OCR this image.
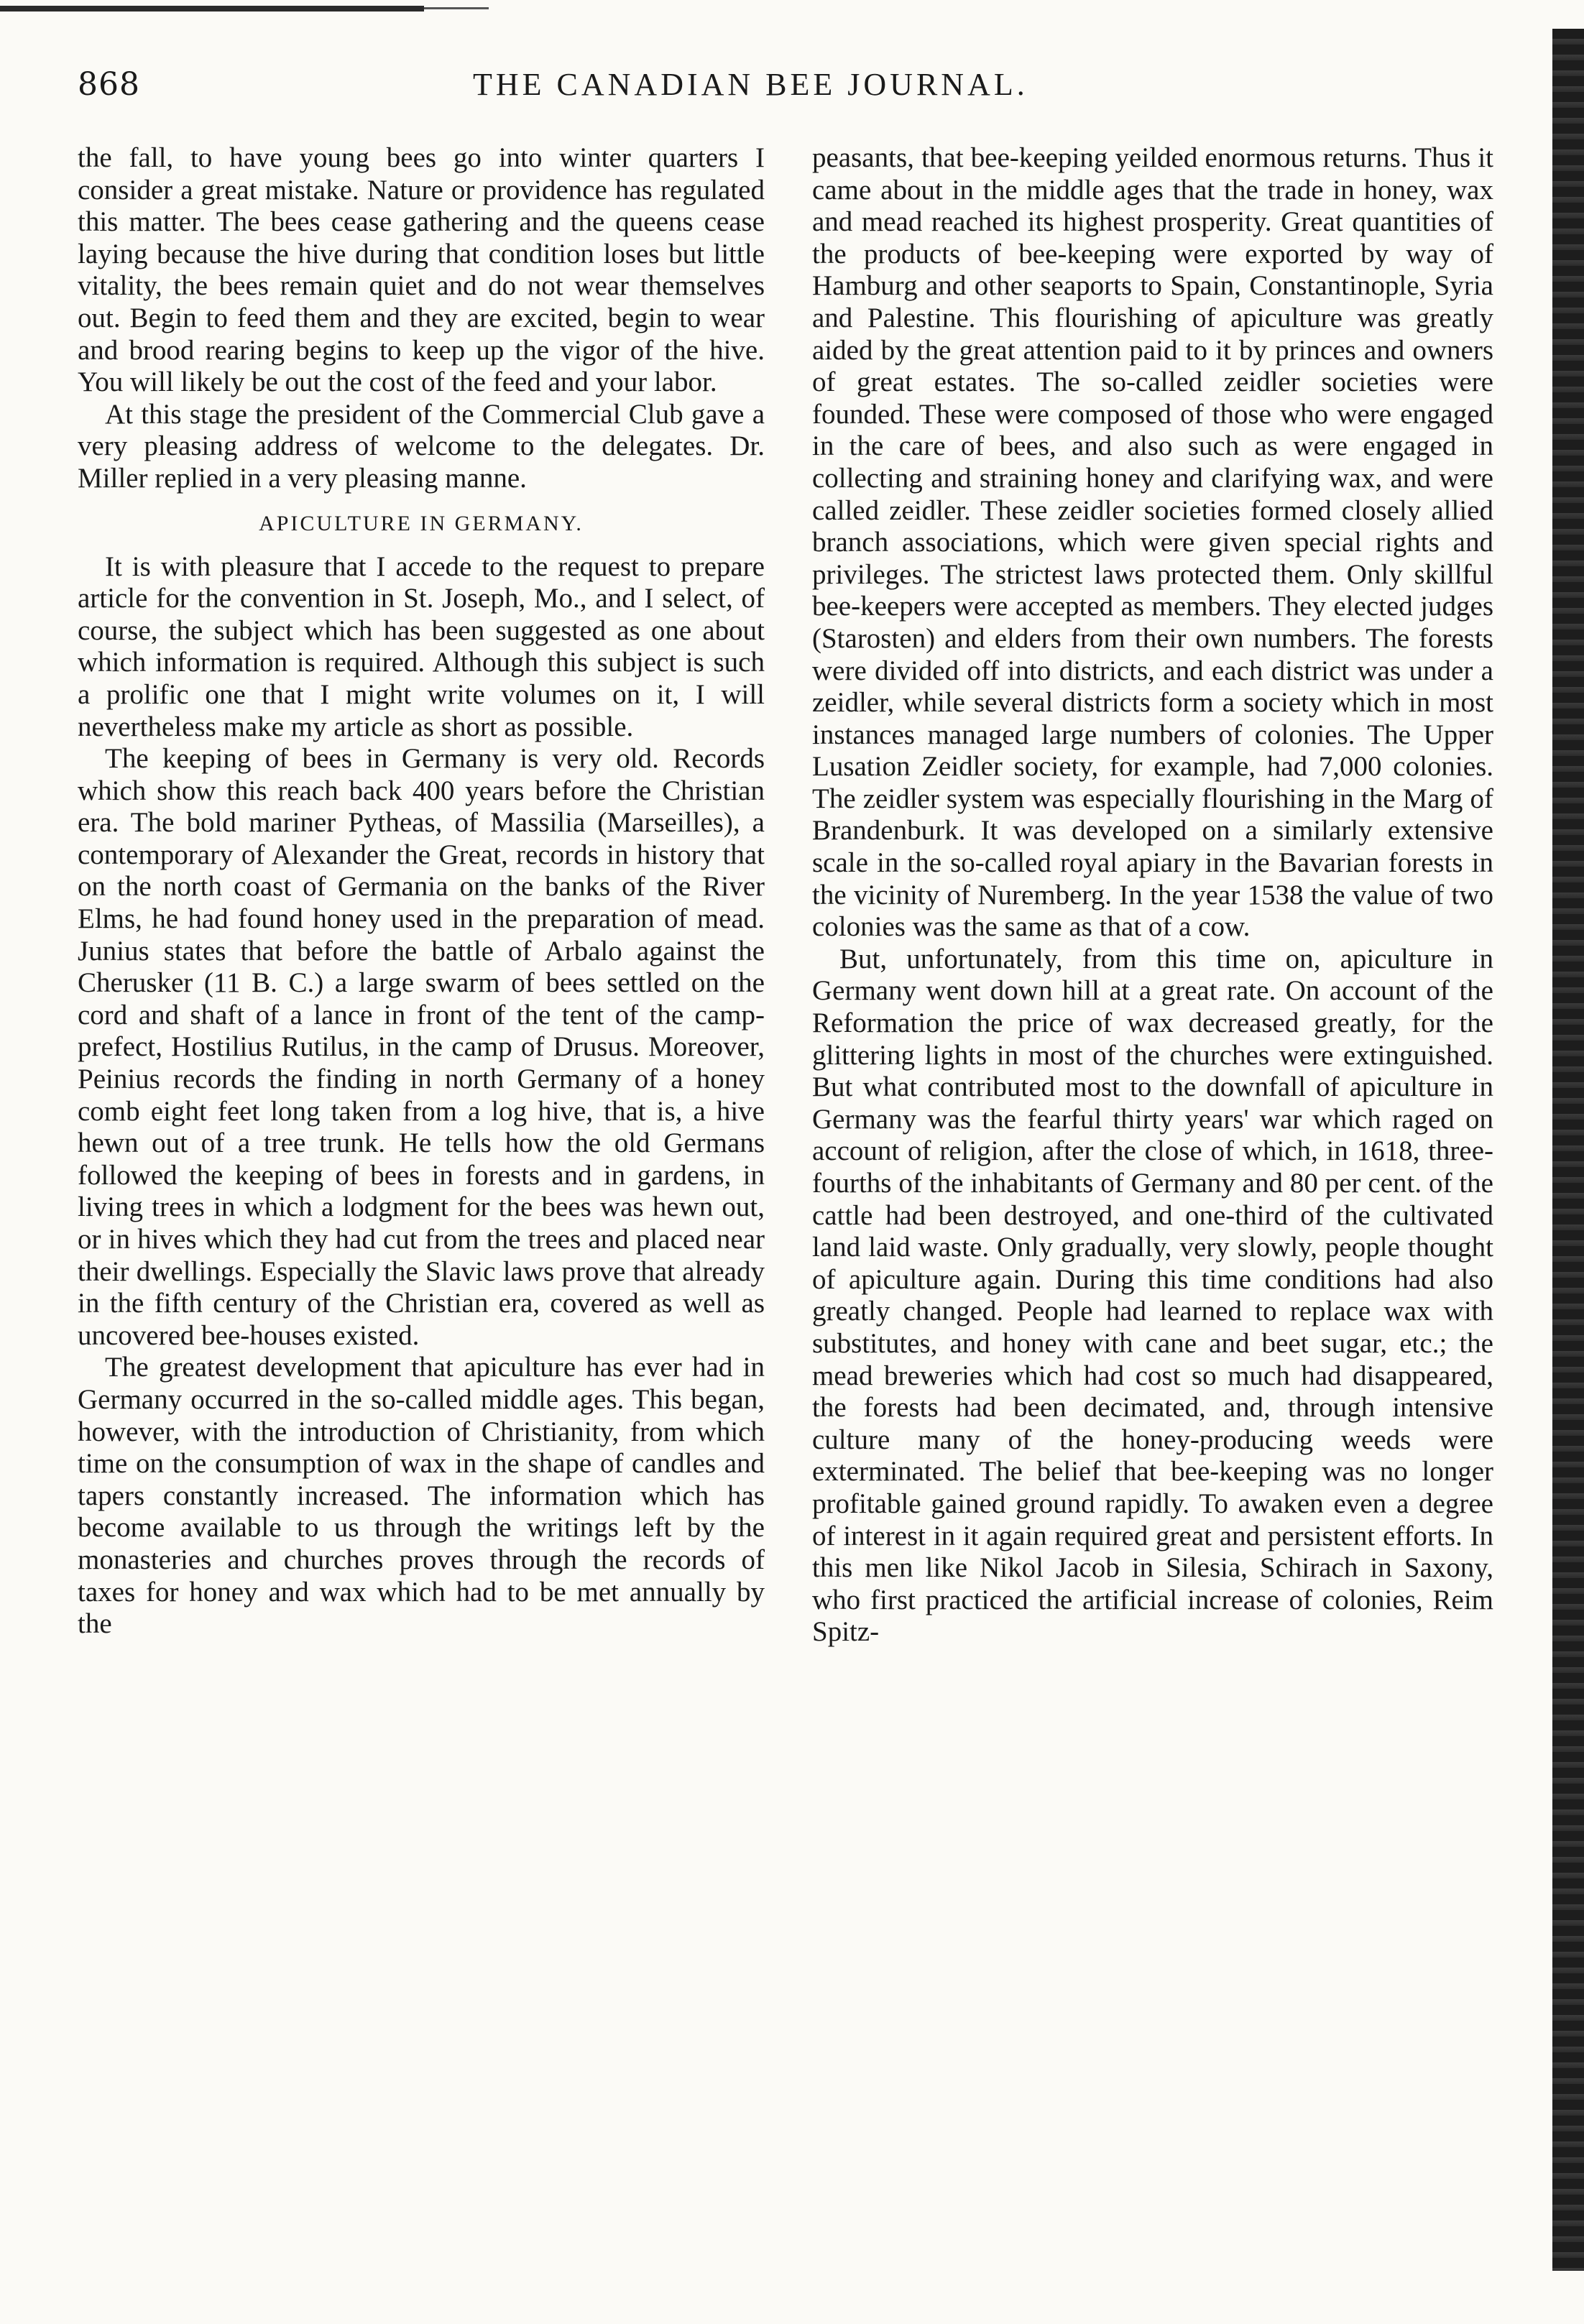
868	THE CANADIAN BEE JOURNAL.

the fall, to have young bees go into winter quarters I consider a great mistake. Nature or providence has regulated this matter. The bees cease gathering and the queens cease laying because the hive during that condition loses but little vitality, the bees remain quiet and do not wear themselves out. Begin to feed them and they are excited, begin to wear and brood rearing begins to keep up the vigor of the hive. You will likely be out the cost of the feed and your labor.

At this stage the president of the Commercial Club gave a very pleasing address of welcome to the delegates. Dr. Miller replied in a very pleasing manne.

APICULTURE IN GERMANY.

It is with pleasure that I accede to the request to prepare article for the convention in St. Joseph, Mo., and I select, of course, the subject which has been suggested as one about which information is required. Although this subject is such a prolific one that I might write volumes on it, I will nevertheless make my article as short as possible.

The keeping of bees in Germany is very old. Records which show this reach back 400 years before the Christian era. The bold mariner Pytheas, of Massilia (Marseilles), a contemporary of Alexander the Great, records in history that on the north coast of Germania on the banks of the River Elms, he had found honey used in the preparation of mead. Junius states that before the battle of Arbalo against the Cherusker (11 B. C.) a large swarm of bees settled on the cord and shaft of a lance in front of the tent of the camp-prefect, Hostilius Rutilus, in the camp of Drusus. Moreover, Peinius records the finding in north Germany of a honey comb eight feet long taken from a log hive, that is, a hive hewn out of a tree trunk. He tells how the old Germans followed the keeping of bees in forests and in gardens, in living trees in which a lodgment for the bees was hewn out, or in hives which they had cut from the trees and placed near their dwellings. Especially the Slavic laws prove that already in the fifth century of the Christian era, covered as well as uncovered bee-houses existed.

The greatest development that apiculture has ever had in Germany occurred in the so-called middle ages. This began, however, with the introduction of Christianity, from which time on the consumption of wax in the shape of candles and tapers constantly increased. The information which has become available to us through the writings left by the monasteries and churches proves through the records of taxes for honey and wax which had to be met annually by the

peasants, that bee-keeping yeilded enormous returns. Thus it came about in the middle ages that the trade in honey, wax and mead reached its highest prosperity. Great quantities of the products of bee-keeping were exported by way of Hamburg and other seaports to Spain, Constantinople, Syria and Palestine. This flourishing of apiculture was greatly aided by the great attention paid to it by princes and owners of great estates. The so-called zeidler societies were founded. These were composed of those who were engaged in the care of bees, and also such as were engaged in collecting and straining honey and clarifying wax, and were called zeidler. These zeidler societies formed closely allied branch associations, which were given special rights and privileges. The strictest laws protected them. Only skillful bee-keepers were accepted as members. They elected judges (Starosten) and elders from their own numbers. The forests were divided off into districts, and each district was under a zeidler, while several districts form a society which in most instances managed large numbers of colonies. The Upper Lusation Zeidler society, for example, had 7,000 colonies. The zeidler system was especially flourishing in the Marg of Brandenburk. It was developed on a similarly extensive scale in the so-called royal apiary in the Bavarian forests in the vicinity of Nuremberg. In the year 1538 the value of two colonies was the same as that of a cow.

But, unfortunately, from this time on, apiculture in Germany went down hill at a great rate. On account of the Reformation the price of wax decreased greatly, for the glittering lights in most of the churches were extinguished. But what contributed most to the downfall of apiculture in Germany was the fearful thirty years' war which raged on account of religion, after the close of which, in 1618, three-fourths of the inhabitants of Germany and 80 per cent. of the cattle had been destroyed, and one-third of the cultivated land laid waste. Only gradually, very slowly, people thought of apiculture again. During this time conditions had also greatly changed. People had learned to replace wax with substitutes, and honey with cane and beet sugar, etc.; the mead breweries which had cost so much had disappeared, the forests had been decimated, and, through intensive culture many of the honey-producing weeds were exterminated. The belief that bee-keeping was no longer profitable gained ground rapidly. To awaken even a degree of interest in it again required great and persistent efforts. In this men like Nikol Jacob in Silesia, Schirach in Saxony, who first practiced the artificial increase of colonies, Reim Spitz-
